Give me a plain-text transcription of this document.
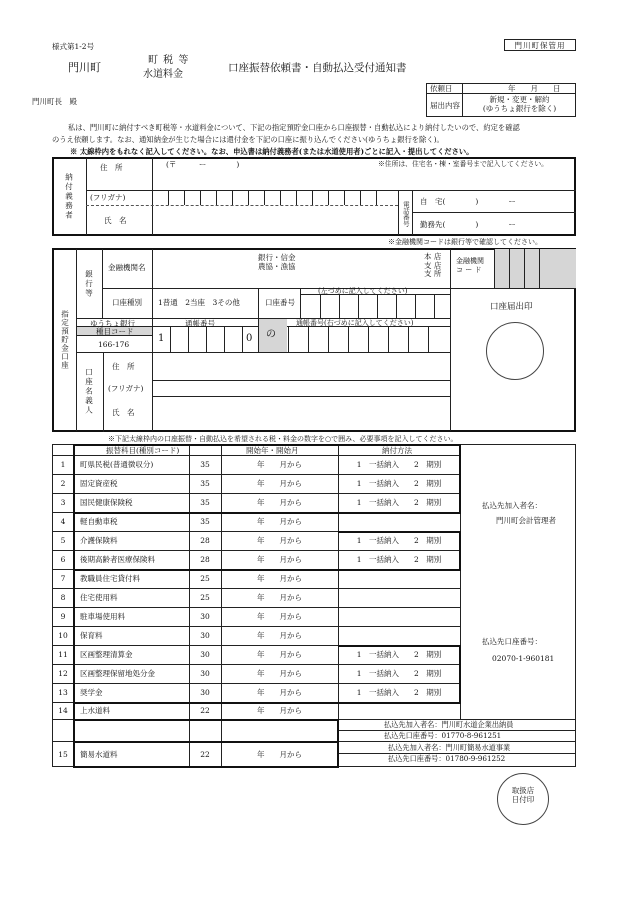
様式第1-2号	門川町保管用
門川町
町 税 等
水道料金
口座振替依頼書・自動払込受付通知書
門川町長　殿
依頼日	年　　月　　日
届出内容
新規・変更・解約
(ゆうちょ銀行を除く)
私は、門川町に納付すべき町税等・水道料金について、下記の指定預貯金口座から口座振替・自動払込により納付したいので、約定を確認
のうえ依頼します。なお、通知納金が生じた場合には還付金を下記の口座に振り込んでください(ゆうちょ銀行を除く)。
※ 太線枠内をもれなく記入してください。なお、申込書は納付義務者(または水道使用者)ごとに記入・提出してください。
納付義務者
住　所	(〒　　　ー　　　　)	※住所は、住宅名・棟・室番号まで記入してください。
(フリガナ)
氏　名	電話番号 自　宅(　　　　)　　　　ー
勤務先(　　　　)　　　　ー
※金融機関コードは銀行等で確認してください。
指定預貯金口座
銀行等
金融機関名
銀行・信金
農協・漁協
本 店
支 店
支 所
金融機関
コ ー ド
口座種別 1普通　2当座　3その他	口座番号
(左づめに記入してください)
ゆうちょ銀行	通帳番号
種目コード
166-176	1	0 の
通帳番号(右づめに記入してください)
口座届出印
口座名義人
住　所
(フリガナ)
氏　名
※下記太線枠内の口座振替・自動払込を希望される税・料金の数字を○で囲み、必要事項を記入してください。
振替科目(種別コード)	開始年・開始月	納付方法
1	町県民税(普通徴収分)	35	年　　月から	1　一括納入　　2　期別
2	固定資産税	35	年　　月から	1　一括納入　　2　期別
3	国民健康保険税	35	年　　月から	1　一括納入　　2　期別
4	軽自動車税	35	年　　月から
5	介護保険料	28	年　　月から	1　一括納入　　2　期別
6	後期高齢者医療保険料	28	年　　月から	1　一括納入　　2　期別
7	教職員住宅貸付料	25	年　　月から
8	住宅使用料	25	年　　月から
9	駐車場使用料	30	年　　月から
10	保育料	30	年　　月から
11	区画整理清算金	30	年　　月から	1　一括納入　　2　期別
12	区画整理保留地処分金	30	年　　月から	1　一括納入　　2　期別
13	奨学金	30	年　　月から	1　一括納入　　2　期別
14	上水道料	22	年　　月から
15	簡易水道料	22	年　　月から
払込先加入者名：
門川町会計管理者
払込先口座番号：
02070-1-960181
払込先加入者名：門川町水道企業出納員
払込先口座番号：01770-8-961251
払込先加入者名：門川町簡易水道事業
払込先口座番号：01780-9-961252
取扱店
日付印
